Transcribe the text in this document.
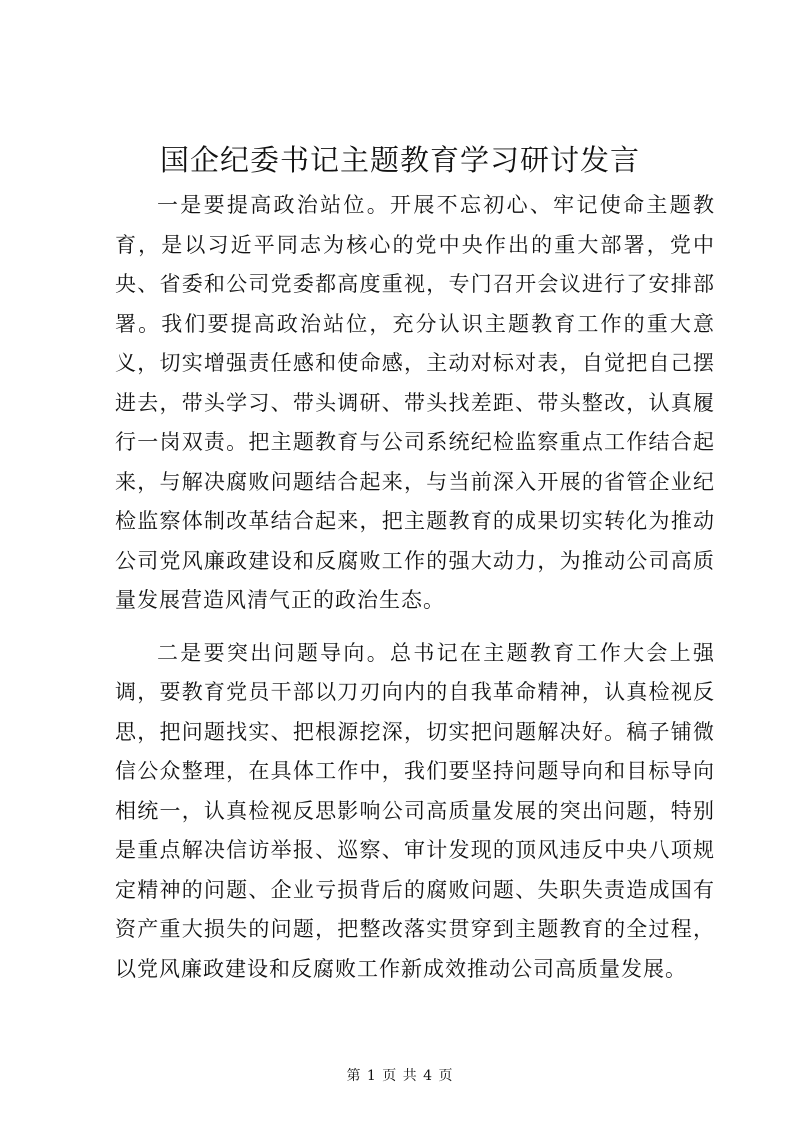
国企纪委书记主题教育学习研讨发言

一是要提高政治站位。开展不忘初心、牢记使命主题教育，是以习近平同志为核心的党中央作出的重大部署，党中央、省委和公司党委都高度重视，专门召开会议进行了安排部署。我们要提高政治站位，充分认识主题教育工作的重大意义，切实增强责任感和使命感，主动对标对表，自觉把自己摆进去，带头学习、带头调研、带头找差距、带头整改，认真履行一岗双责。把主题教育与公司系统纪检监察重点工作结合起来，与解决腐败问题结合起来，与当前深入开展的省管企业纪检监察体制改革结合起来，把主题教育的成果切实转化为推动公司党风廉政建设和反腐败工作的强大动力，为推动公司高质量发展营造风清气正的政治生态。

二是要突出问题导向。总书记在主题教育工作大会上强调，要教育党员干部以刀刃向内的自我革命精神，认真检视反思，把问题找实、把根源挖深，切实把问题解决好。稿子铺微信公众整理，在具体工作中，我们要坚持问题导向和目标导向相统一，认真检视反思影响公司高质量发展的突出问题，特别是重点解决信访举报、巡察、审计发现的顶风违反中央八项规定精神的问题、企业亏损背后的腐败问题、失职失责造成国有资产重大损失的问题，把整改落实贯穿到主题教育的全过程，以党风廉政建设和反腐败工作新成效推动公司高质量发展。

第 1 页 共 4 页
